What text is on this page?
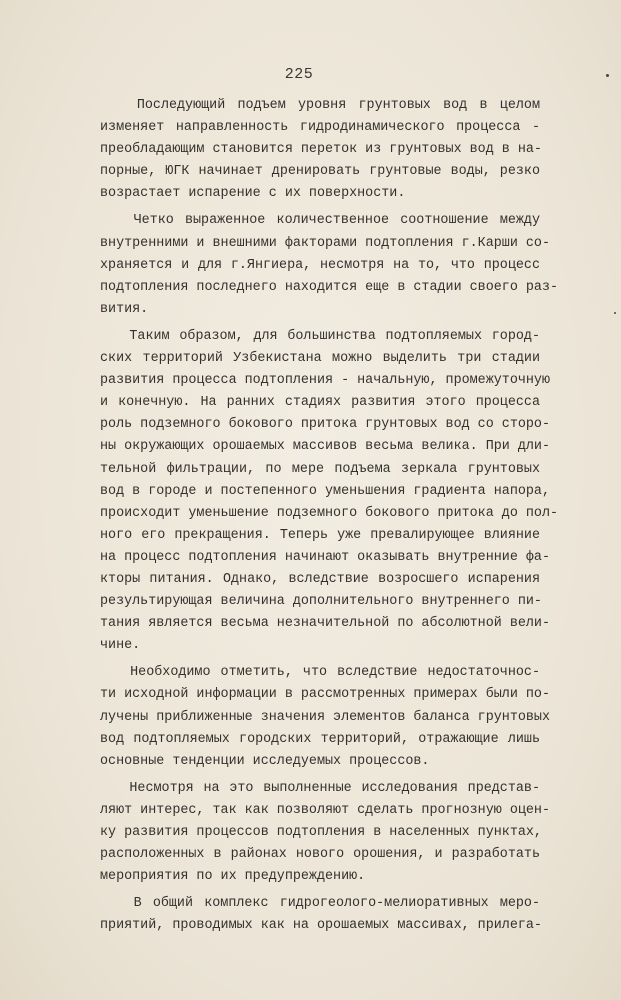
225
Последующий подъем уровня грунтовых вод в целом
изменяет направленность гидродинамического процесса -
преобладающим становится переток из грунтовых вод в на-
порные, ЮГК начинает дренировать грунтовые воды, резко
возрастает испарение с их поверхности.
Четко выраженное количественное соотношение между
внутренними и внешними факторами подтопления г.Карши со-
храняется и для г.Янгиера, несмотря на то, что процесс
подтопления последнего находится еще в стадии своего раз-
вития.
Таким образом, для большинства подтопляемых город-
ских территорий Узбекистана можно выделить три стадии
развития процесса подтопления - начальную, промежуточную
и конечную. На ранних стадиях развития этого процесса
роль подземного бокового притока грунтовых вод со сторо-
ны окружающих орошаемых массивов весьма велика. При дли-
тельной фильтрации, по мере подъема зеркала грунтовых
вод в городе и постепенного уменьшения градиента напора,
происходит уменьшение подземного бокового притока до пол-
ного его прекращения. Теперь уже превалирующее влияние
на процесс подтопления начинают оказывать внутренние фа-
кторы питания. Однако, вследствие возросшего испарения
результирующая величина дополнительного внутреннего пи-
тания является весьма незначительной по абсолютной вели-
чине.
Необходимо отметить, что вследствие недостаточнос-
ти исходной информации в рассмотренных примерах были по-
лучены приближенные значения элементов баланса грунтовых
вод подтопляемых городских территорий, отражающие лишь
основные тенденции исследуемых процессов.
Несмотря на это выполненные исследования представ-
ляют интерес, так как позволяют сделать прогнозную оцен-
ку развития процессов подтопления в населенных пунктах,
расположенных в районах нового орошения, и разработать
мероприятия по их предупреждению.
В общий комплекс гидрогеолого-мелиоративных меро-
приятий, проводимых как на орошаемых массивах, прилега-
